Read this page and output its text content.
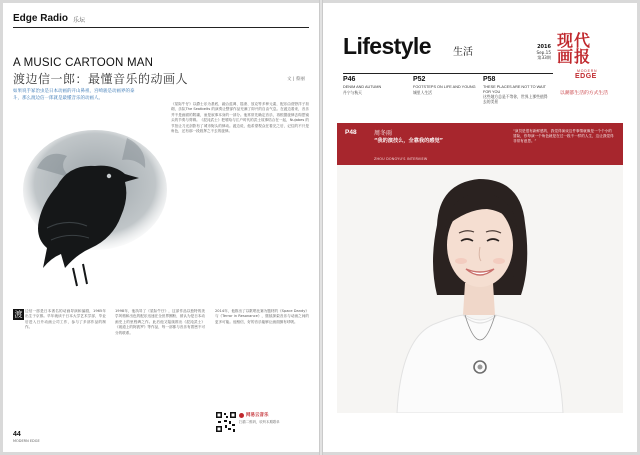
Edge Radio 乐坛
A MUSIC CARTOON MAN
渡边信一郎：最懂音乐的动画人	文 | 蔡丽
如果说手冢治虫是日本动画的开山鼻祖，宫崎骏是动画界的泰斗，那么渡边信一郎就是最懂音乐的动画人。
《星际牛仔》以爵士乐为基底，融合蓝调、摇滚、放克等多种元素，配乐由菅野洋子担纲，乐队The Seatbelts 的演奏让整部作品充满了即兴的自由气息。在渡边看来，音乐并不是画面的附庸，而是叙事本身的一部分。他常常先确定音乐，再根据旋律去构思镜头的节奏与剪辑。《混沌武士》把嘻哈与江户时代的武士故事结合在一起，Nujabes 的节拍让刀光剑影有了城市街头的律动。渡边说，他希望观众在看完之后，记住的不只是角色，还有那一段段挥之不去的旋律。
渡 边信一郎是日本著名的动画导演和编剧，1965年出生于京都。早年就读于日本大学艺术学部，毕业后进入日升动画公司工作，参与了多部作品的制作。
1998年，他执导了《星际牛仔》，这部作品以独特的美学风格和出色的配乐迅速在全世界圈粉，被认为是日本动画史上的里程碑之作。此后他又陆续推出《混沌武士》《坂道上的阿波罗》等作品，每一部都与音乐有着密不可分的联系。
2014年，他推出了以歌唱比赛为题材的《Space Dandy》与《Terror in Resonance》，继续探索音乐与动画之间的更多可能。他相信，好的音乐能够让画面拥有呼吸。
网易云音乐
扫描二维码，收听本期歌单
44
MODERN EDGE
Lifestyle 生活	2016
Sep.15
第33期
现代
画报
MODERN
EDGE
以潮都生活的方式生活
P46
DENIM AND AUTUMN
丹宁与秋天
P52
FOOTSTEPS ON LIFE AND YOUNG
城里人生活
P58
THESE PLACES ARE NOT TO WAIT FOR YOU
这些地方总是不等你，世界上那些值得去的美景
P48	周冬雨
“我的演技么，全靠我的感觉”
ZHOU DONGYU'S INTERVIEW
“演员是很有新鲜感的，我觉得演戏这件事情就像是一个个小的冒险，你每演一个角色就是在过一段不一样的人生，这让我觉得非常有意思。”
